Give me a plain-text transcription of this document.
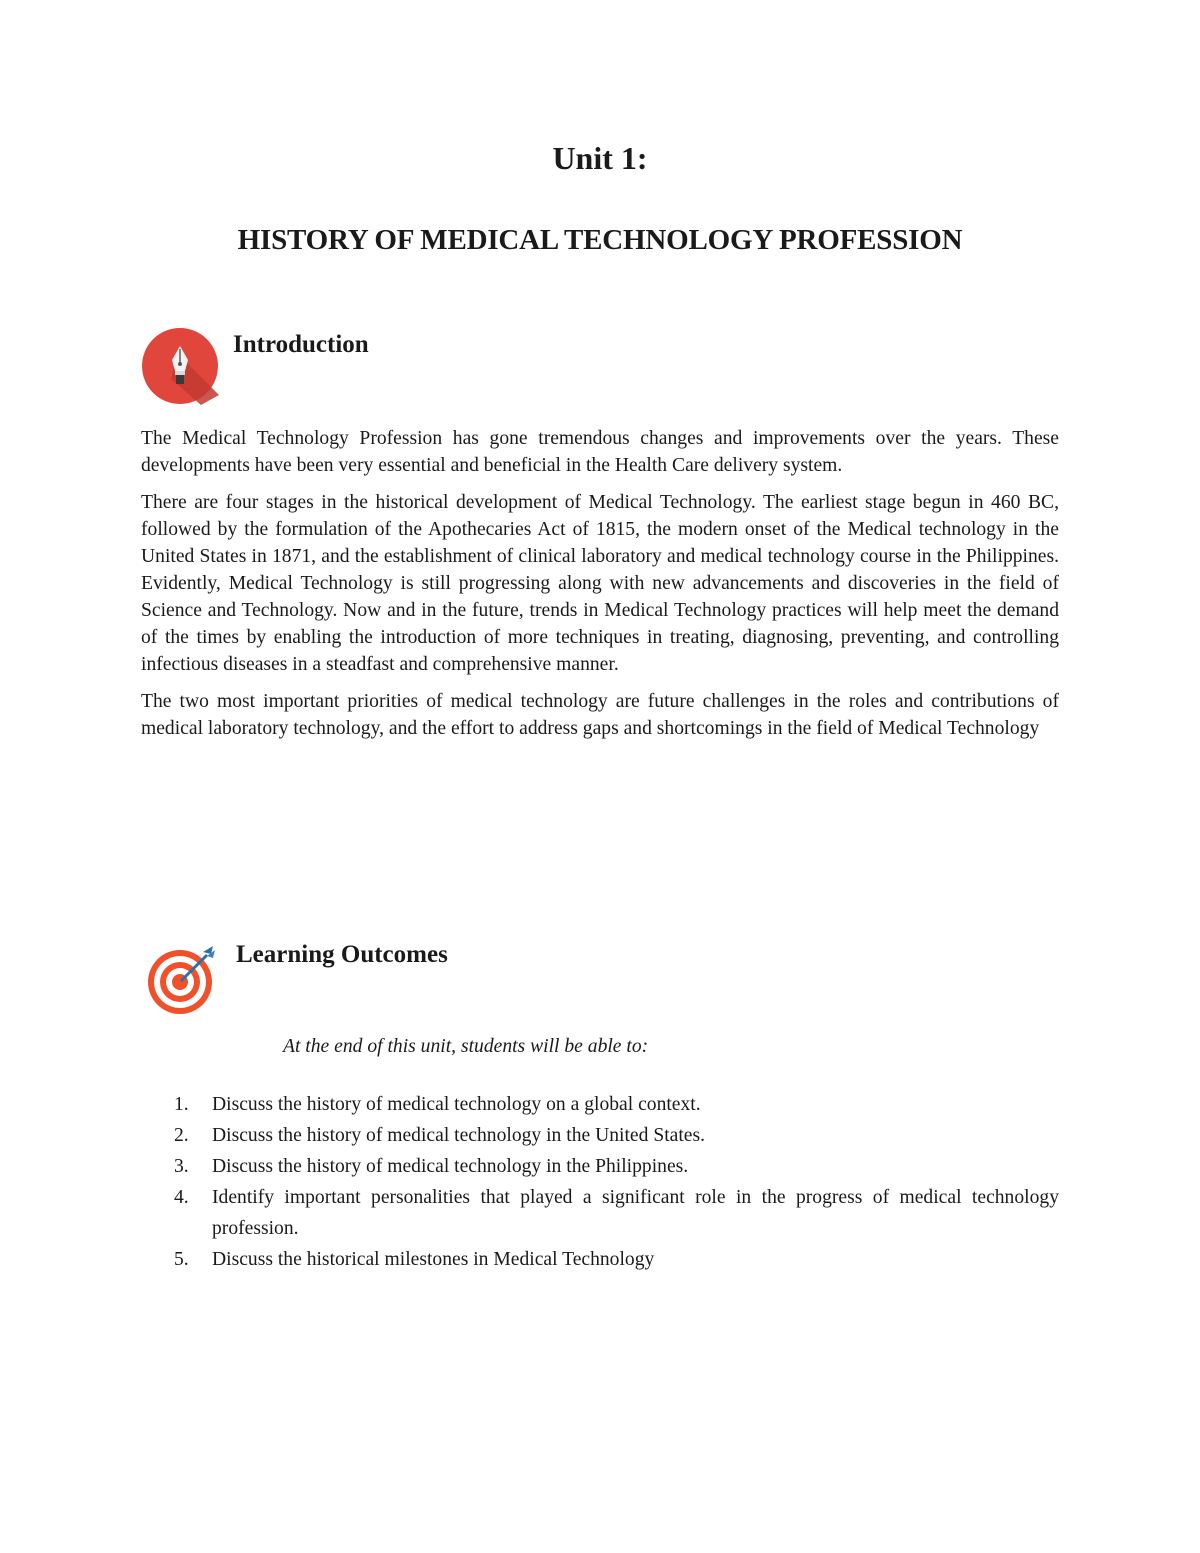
Unit 1:
HISTORY OF MEDICAL TECHNOLOGY PROFESSION
Introduction

The Medical Technology Profession has gone tremendous changes and improvements over the years. These developments have been very essential and beneficial in the Health Care delivery system.

There are four stages in the historical development of Medical Technology. The earliest stage begun in 460 BC, followed by the formulation of the Apothecaries Act of 1815, the modern onset of the Medical technology in the United States in 1871, and the establishment of clinical laboratory and medical technology course in the Philippines. Evidently, Medical Technology is still progressing along with new advancements and discoveries in the field of Science and Technology. Now and in the future, trends in Medical Technology practices will help meet the demand of the times by enabling the introduction of more techniques in treating, diagnosing, preventing, and controlling infectious diseases in a steadfast and comprehensive manner.

The two most important priorities of medical technology are future challenges in the roles and contributions of medical laboratory technology, and the effort to address gaps and shortcomings in the field of Medical Technology

Learning Outcomes

At the end of this unit, students will be able to:

1. Discuss the history of medical technology on a global context.
2. Discuss the history of medical technology in the United States.
3. Discuss the history of medical technology in the Philippines.
4. Identify important personalities that played a significant role in the progress of medical technology profession.
5. Discuss the historical milestones in Medical Technology
